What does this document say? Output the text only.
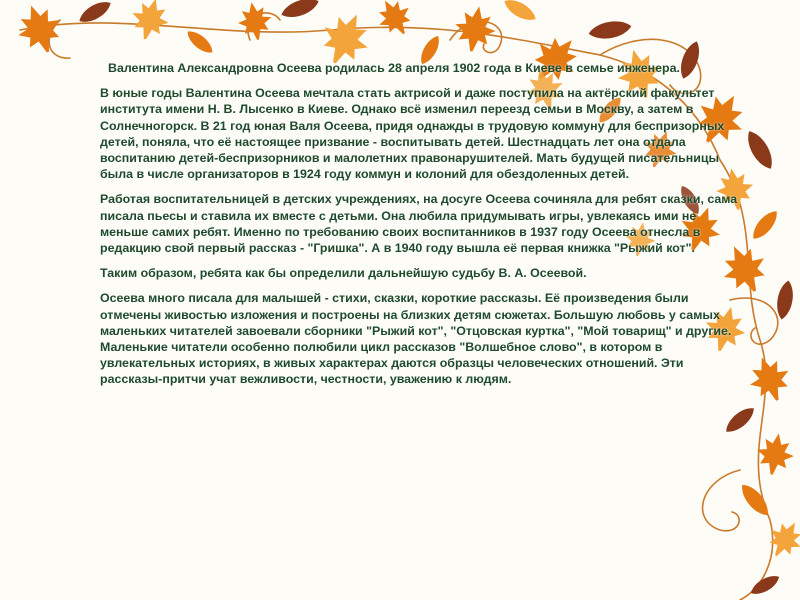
Валентина Александровна Осеева родилась 28 апреля 1902 года в Киеве в семье инженера.

В юные годы Валентина Осеева мечтала стать актрисой и даже поступила на актёрский факультет института имени Н. В. Лысенко в Киеве. Однако всё изменил переезд семьи в Москву, а затем в Солнечногорск. В 21 год юная Валя Осеева, придя однажды в трудовую коммуну для беспризорных детей, поняла, что её настоящее призвание - воспитывать детей. Шестнадцать лет она отдала воспитанию детей-беспризорников и малолетних правонарушителей. Мать будущей писательницы была в числе организаторов в 1924 году коммун и колоний для обездоленных детей.

Работая воспитательницей в детских учреждениях, на досуге Осеева сочиняла для ребят сказки, сама писала пьесы и ставила их вместе с детьми. Она любила придумывать игры, увлекаясь ими не меньше самих ребят. Именно по требованию своих воспитанников в 1937 году Осеева отнесла в редакцию свой первый рассказ - "Гришка". А в 1940 году вышла её первая книжка "Рыжий кот".

Таким образом, ребята как бы определили дальнейшую судьбу В. А. Осеевой.

Осеева много писала для малышей - стихи, сказки, короткие рассказы. Её произведения были отмечены живостью изложения и построены на близких детям сюжетах. Большую любовь у самых маленьких читателей завоевали сборники "Рыжий кот", "Отцовская куртка", "Мой товарищ" и другие. Маленькие читатели особенно полюбили цикл рассказов "Волшебное слово", в котором в увлекательных историях, в живых характерах даются образцы человеческих отношений. Эти рассказы-притчи учат вежливости, честности, уважению к людям.
